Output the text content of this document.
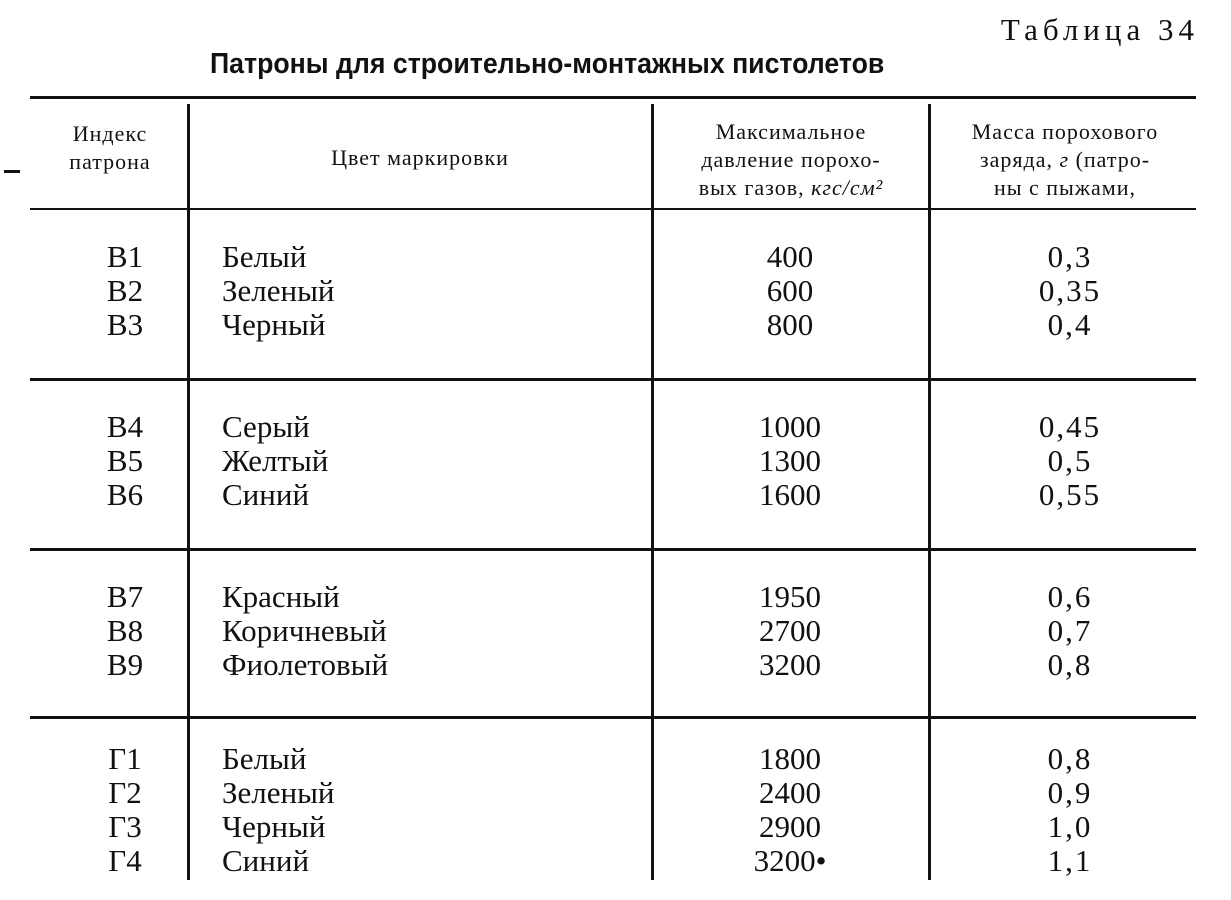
Таблица 34
Патроны для строительно-монтажных пистолетов
Индекс
патрона	Цвет маркировки
Максимальное
давление порохо-
вых газов, кгс/см²
Масса порохового
заряда, г (патро-
ны с пыжами,
B1
B2
B3
Белый
Зеленый
Черный
400
600
800
0,3
0,35
0,4
B4
B5
B6
Серый
Желтый
Синий
1000
1300
1600
0,45
0,5
0,55
B7
B8
B9
Красный
Коричневый
Фиолетовый
1950
2700
3200
0,6
0,7
0,8
Г1
Г2
Г3
Г4
Белый
Зеленый
Черный
Синий
1800
2400
2900
3200•
0,8
0,9
1,0
1,1
